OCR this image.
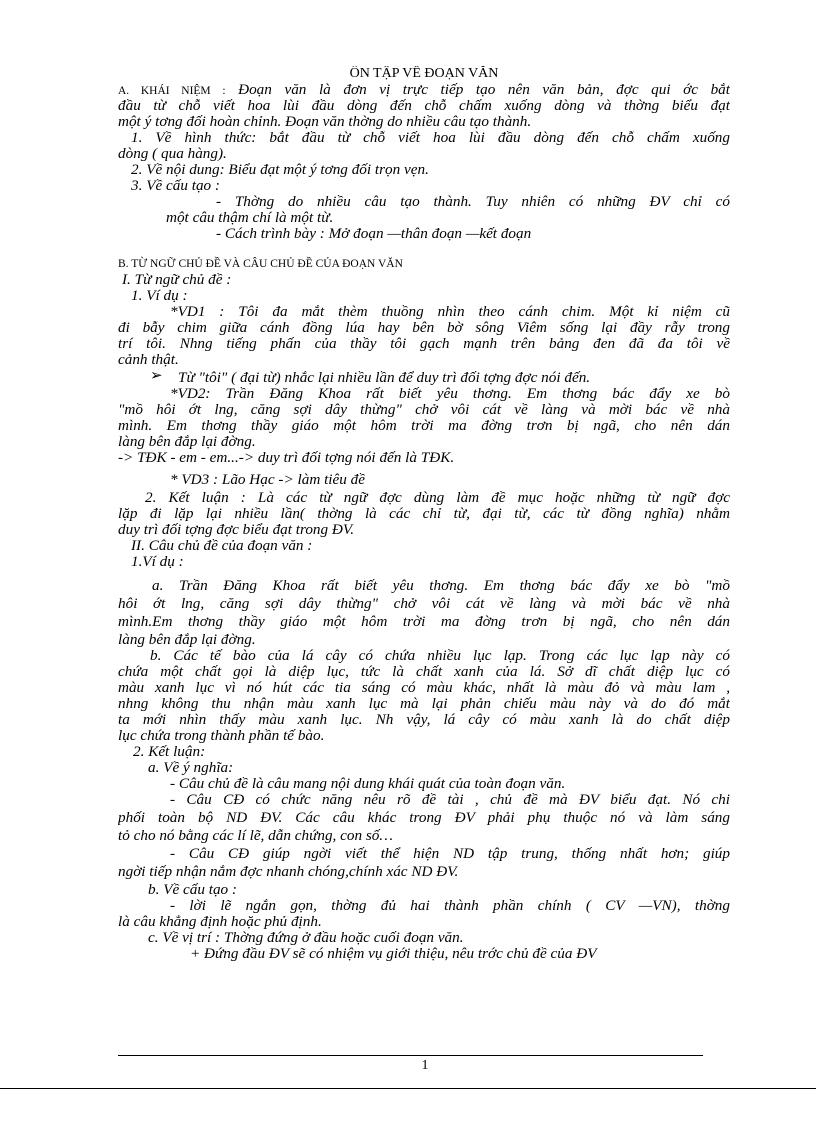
ÔN TẬP VỀ ĐOẠN VĂN
A. KHÁI NIỆM : Đoạn văn là đơn vị trực tiếp tạo nên văn bản, đợc qui ớc bắt
đầu từ chỗ viết hoa lùi đầu dòng đến chỗ chấm xuống dòng và thờng biểu đạt
một ý tơng đối hoàn chỉnh. Đoạn văn thờng do nhiều câu tạo thành.
1. Về hình thức: bắt đầu từ chỗ viết hoa lùi đầu dòng đến chỗ chấm xuống
dòng ( qua hàng).
2. Về nội dung: Biểu đạt một ý tơng đối trọn vẹn.
3. Về cấu tạo :
- Thờng do nhiều câu tạo thành. Tuy nhiên có những ĐV chỉ có
một câu thậm chí là một từ.
- Cách trình bày : Mở đoạn —thân đoạn —kết đoạn
B. TỪ NGỮ CHỦ ĐỀ VÀ CÂU CHỦ ĐỀ CỦA ĐOẠN VĂN
I. Từ ngữ chủ đề :
1. Ví dụ :
*VD1 : Tôi đa mắt thèm thuồng nhìn theo cánh chim. Một kỉ niệm cũ
đi bẫy chim giữa cánh đồng lúa hay bên bờ sông Viêm sống lại đầy rẫy trong
trí tôi. Nhng tiếng phấn của thầy tôi gạch mạnh trên bảng đen đã đa tôi về
cảnh thật.
➢	Từ "tôi" ( đại từ) nhắc lại nhiều lần để duy trì đối tợng đợc nói đến.
*VD2: Trần Đăng Khoa rất biết yêu thơng. Em thơng bác đẩy xe bò
"mồ hôi ớt lng, căng sợi dây thừng" chở vôi cát về làng và mời bác về nhà
mình. Em thơng thầy giáo một hôm trời ma đờng trơn bị ngã, cho nên dán
làng bên đắp lại đờng.
-> TĐK - em - em...-> duy trì đối tợng nói đến là TĐK.
* VD3 : Lão Hạc -> làm tiêu đề
2. Kết luận : Là các từ ngữ đợc dùng làm đề mục hoặc những từ ngữ đợc
lặp đi lặp lại nhiều lần( thờng là các chỉ từ, đại từ, các từ đồng nghĩa) nhằm
duy trì đối tợng đợc biểu đạt trong ĐV.
II. Câu chủ đề của đoạn văn :
1.Ví dụ :
a. Trần Đăng Khoa rất biết yêu thơng. Em thơng bác đẩy xe bò "mồ
hôi ớt lng, căng sợi dây thừng" chở vôi cát về làng và mời bác về nhà
mình.Em thơng thầy giáo một hôm trời ma đờng trơn bị ngã, cho nên dán
làng bên đắp lại đờng.
b. Các tế bào của lá cây có chứa nhiều lục lạp. Trong các lục lạp này có
chứa một chất gọi là diệp lục, tức là chất xanh của lá. Sở dĩ chất diệp lục có
màu xanh lục vì nó hút các tia sáng có màu khác, nhất là màu đỏ và màu lam ,
nhng không thu nhận màu xanh lục mà lại phản chiếu màu này và do đó mắt
ta mới nhìn thấy màu xanh lục. Nh vậy, lá cây có màu xanh là do chất diệp
lục chứa trong thành phần tế bào.
2. Kết luận:
a. Về ý nghĩa:
- Câu chủ đề là câu mang nội dung khái quát của toàn đoạn văn.
- Câu CĐ có chức năng nêu rõ đề tài , chủ đề mà ĐV biểu đạt. Nó chi
phối toàn bộ ND ĐV. Các câu khác trong ĐV phải phụ thuộc nó và làm sáng
tỏ cho nó bằng các lí lẽ, dẫn chứng, con số…
- Câu CĐ giúp ngời viết thể hiện ND tập trung, thống nhất hơn; giúp
ngời tiếp nhận nắm đợc nhanh chóng,chính xác ND ĐV.
b. Về cấu tạo :
- lời lẽ ngắn gọn, thờng đủ hai thành phần chính ( CV —VN), thờng
là câu khẳng định hoặc phủ định.
c. Về vị trí : Thờng đứng ở đầu hoặc cuối đoạn văn.
+ Đứng đầu ĐV sẽ có nhiệm vụ giới thiệu, nêu trớc chủ đề của ĐV
1
